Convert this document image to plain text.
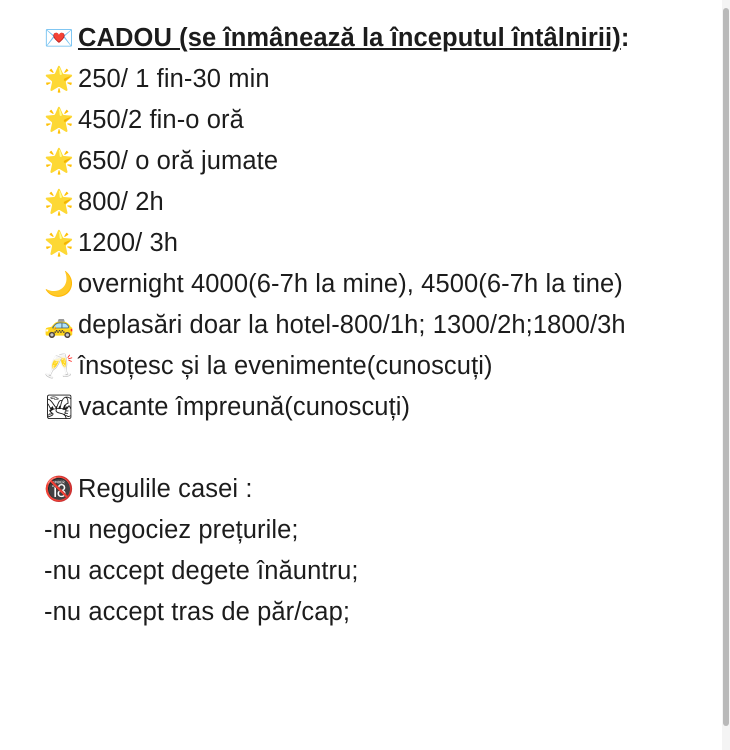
💌 CADOU (se înmânează la începutul întâlnirii) :
🌟 250/ 1 fin-30 min
🌟 450/2 fin-o oră
🌟 650/ o oră jumate
🌟 800/ 2h
🌟 1200/ 3h
🌙 overnight 4000(6-7h la mine), 4500(6-7h la tine)
🚕 deplasări doar la hotel-800/1h; 1300/2h;1800/3h
🥂 însoțesc și la evenimente(cunoscuți)
🏞 vacante împreună(cunoscuți)
🔞 Regulile casei :
-nu negociez prețurile;
-nu accept degete înăuntru;
-nu accept tras de păr/cap;
